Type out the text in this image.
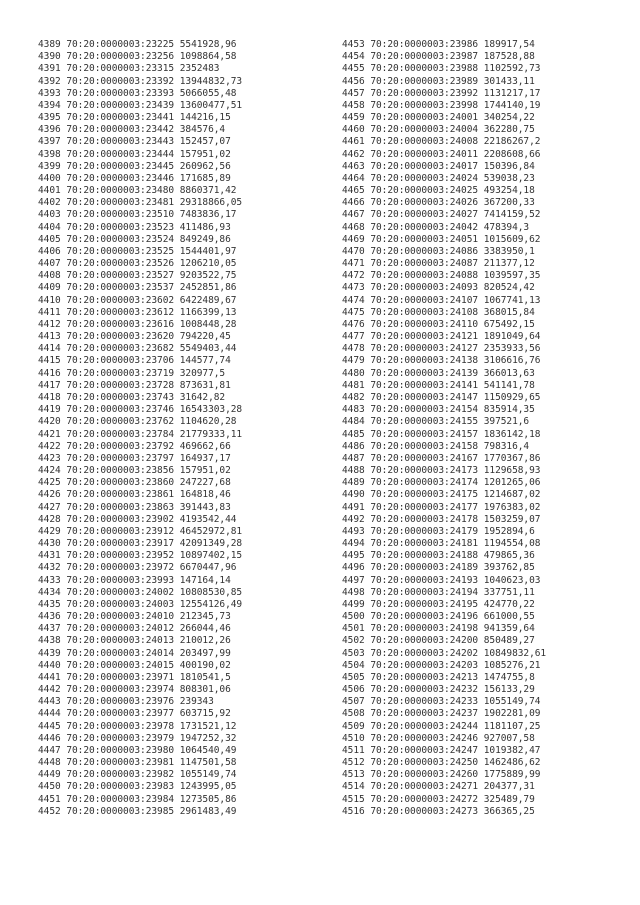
4389 70:20:0000003:23225 5541928,96
4390 70:20:0000003:23256 1098864,58
4391 70:20:0000003:23315 2352483
4392 70:20:0000003:23392 13944832,73
4393 70:20:0000003:23393 5066055,48
4394 70:20:0000003:23439 13600477,51
4395 70:20:0000003:23441 144216,15
4396 70:20:0000003:23442 384576,4
4397 70:20:0000003:23443 152457,07
4398 70:20:0000003:23444 157951,02
4399 70:20:0000003:23445 260962,56
4400 70:20:0000003:23446 171685,89
4401 70:20:0000003:23480 8860371,42
4402 70:20:0000003:23481 29318866,05
4403 70:20:0000003:23510 7483836,17
4404 70:20:0000003:23523 411486,93
4405 70:20:0000003:23524 849249,86
4406 70:20:0000003:23525 1544401,97
4407 70:20:0000003:23526 1206210,05
4408 70:20:0000003:23527 9203522,75
4409 70:20:0000003:23537 2452851,86
4410 70:20:0000003:23602 6422489,67
4411 70:20:0000003:23612 1166399,13
4412 70:20:0000003:23616 1008448,28
4413 70:20:0000003:23620 794220,45
4414 70:20:0000003:23682 5549403,44
4415 70:20:0000003:23706 144577,74
4416 70:20:0000003:23719 320977,5
4417 70:20:0000003:23728 873631,81
4418 70:20:0000003:23743 31642,82
4419 70:20:0000003:23746 16543303,28
4420 70:20:0000003:23762 1104620,28
4421 70:20:0000003:23784 21779333,11
4422 70:20:0000003:23792 469662,66
4423 70:20:0000003:23797 164937,17
4424 70:20:0000003:23856 157951,02
4425 70:20:0000003:23860 247227,68
4426 70:20:0000003:23861 164818,46
4427 70:20:0000003:23863 391443,83
4428 70:20:0000003:23902 4193542,44
4429 70:20:0000003:23912 46452972,81
4430 70:20:0000003:23917 42091349,28
4431 70:20:0000003:23952 10897402,15
4432 70:20:0000003:23972 6670447,96
4433 70:20:0000003:23993 147164,14
4434 70:20:0000003:24002 10808530,85
4435 70:20:0000003:24003 12554126,49
4436 70:20:0000003:24010 212345,73
4437 70:20:0000003:24012 266044,46
4438 70:20:0000003:24013 210012,26
4439 70:20:0000003:24014 203497,99
4440 70:20:0000003:24015 400190,02
4441 70:20:0000003:23971 1810541,5
4442 70:20:0000003:23974 808301,06
4443 70:20:0000003:23976 239343
4444 70:20:0000003:23977 603715,92
4445 70:20:0000003:23978 1731521,12
4446 70:20:0000003:23979 1947252,32
4447 70:20:0000003:23980 1064540,49
4448 70:20:0000003:23981 1147501,58
4449 70:20:0000003:23982 1055149,74
4450 70:20:0000003:23983 1243995,05
4451 70:20:0000003:23984 1273505,86
4452 70:20:0000003:23985 2961483,49
4453 70:20:0000003:23986 189917,54
4454 70:20:0000003:23987 187528,88
4455 70:20:0000003:23988 1102592,73
4456 70:20:0000003:23989 301433,11
4457 70:20:0000003:23992 1131217,17
4458 70:20:0000003:23998 1744140,19
4459 70:20:0000003:24001 340254,22
4460 70:20:0000003:24004 362280,75
4461 70:20:0000003:24008 22186267,2
4462 70:20:0000003:24011 2208608,66
4463 70:20:0000003:24017 150396,84
4464 70:20:0000003:24024 539038,23
4465 70:20:0000003:24025 493254,18
4466 70:20:0000003:24026 367200,33
4467 70:20:0000003:24027 7414159,52
4468 70:20:0000003:24042 478394,3
4469 70:20:0000003:24051 1015609,62
4470 70:20:0000003:24086 3383950,1
4471 70:20:0000003:24087 211377,12
4472 70:20:0000003:24088 1039597,35
4473 70:20:0000003:24093 820524,42
4474 70:20:0000003:24107 1067741,13
4475 70:20:0000003:24108 368015,84
4476 70:20:0000003:24110 675492,15
4477 70:20:0000003:24121 1891049,64
4478 70:20:0000003:24127 2353933,56
4479 70:20:0000003:24138 3106616,76
4480 70:20:0000003:24139 366013,63
4481 70:20:0000003:24141 541141,78
4482 70:20:0000003:24147 1150929,65
4483 70:20:0000003:24154 835914,35
4484 70:20:0000003:24155 397521,6
4485 70:20:0000003:24157 1836142,18
4486 70:20:0000003:24158 798316,4
4487 70:20:0000003:24167 1770367,86
4488 70:20:0000003:24173 1129658,93
4489 70:20:0000003:24174 1201265,06
4490 70:20:0000003:24175 1214687,02
4491 70:20:0000003:24177 1976383,02
4492 70:20:0000003:24178 1503259,07
4493 70:20:0000003:24179 1952894,6
4494 70:20:0000003:24181 1194554,08
4495 70:20:0000003:24188 479865,36
4496 70:20:0000003:24189 393762,85
4497 70:20:0000003:24193 1040623,03
4498 70:20:0000003:24194 337751,11
4499 70:20:0000003:24195 424770,22
4500 70:20:0000003:24196 661000,55
4501 70:20:0000003:24198 941359,64
4502 70:20:0000003:24200 850489,27
4503 70:20:0000003:24202 10849832,61
4504 70:20:0000003:24203 1085276,21
4505 70:20:0000003:24213 1474755,8
4506 70:20:0000003:24232 156133,29
4507 70:20:0000003:24233 1055149,74
4508 70:20:0000003:24237 1902281,09
4509 70:20:0000003:24244 1181107,25
4510 70:20:0000003:24246 927007,58
4511 70:20:0000003:24247 1019382,47
4512 70:20:0000003:24250 1462486,62
4513 70:20:0000003:24260 1775889,99
4514 70:20:0000003:24271 204377,31
4515 70:20:0000003:24272 325489,79
4516 70:20:0000003:24273 366365,25
